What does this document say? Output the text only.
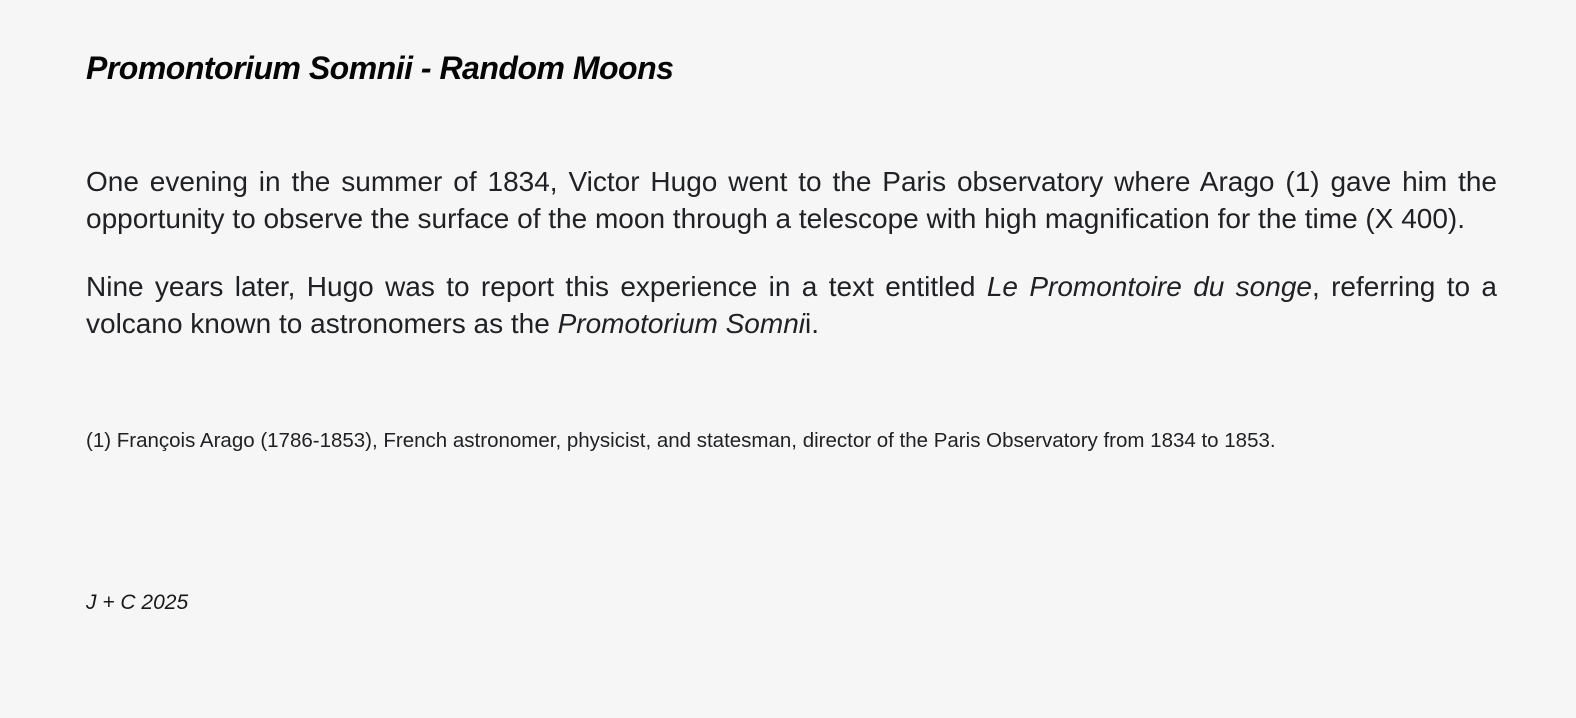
Promontorium Somnii - Random Moons

One evening in the summer of 1834, Victor Hugo went to the Paris observatory where Arago (1) gave him the opportunity to observe the surface of the moon through a telescope with high magnification for the time (X 400).

Nine years later, Hugo was to report this experience in a text entitled Le Promontoire du songe, referring to a volcano known to astronomers as the Promotorium Somnii.

(1) François Arago (1786-1853), French astronomer, physicist, and statesman, director of the Paris Observatory from 1834 to 1853.

J + C 2025
